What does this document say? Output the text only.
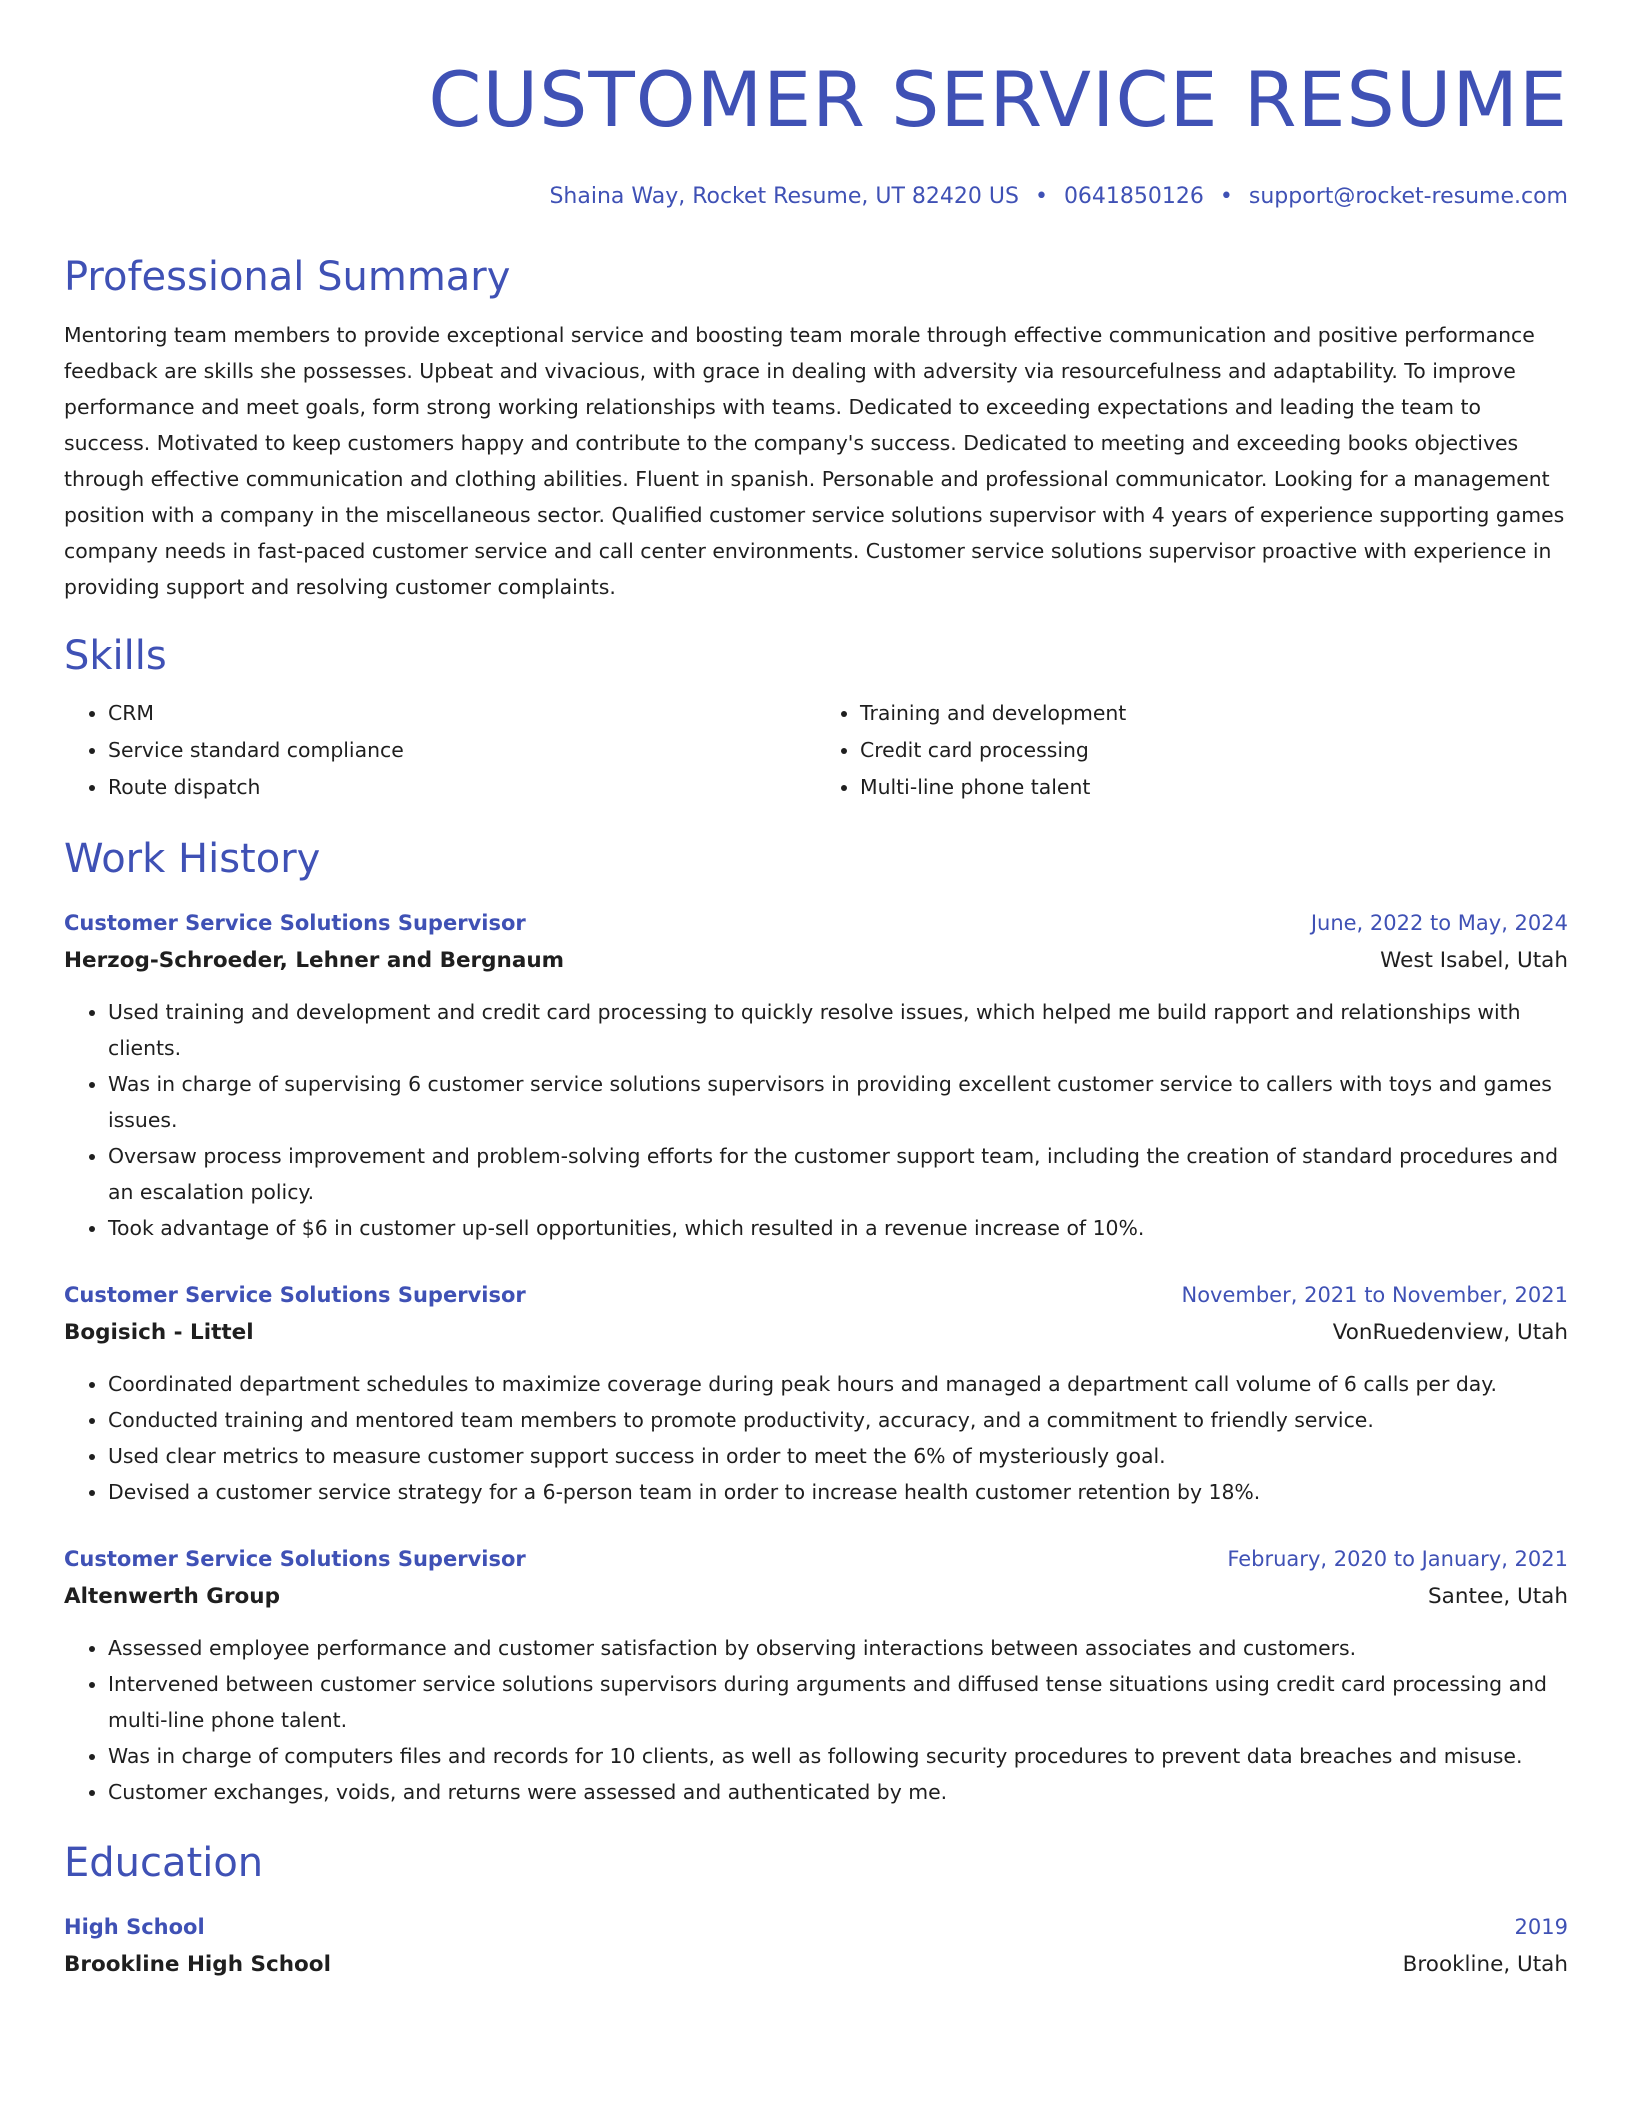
CUSTOMER SERVICE RESUME
Shaina Way, Rocket Resume, UT 82420 US • 0641850126 • support@rocket-resume.com
Professional Summary
Mentoring team members to provide exceptional service and boosting team morale through effective communication and positive performance feedback are skills she possesses. Upbeat and vivacious, with grace in dealing with adversity via resourcefulness and adaptability. To improve performance and meet goals, form strong working relationships with teams. Dedicated to exceeding expectations and leading the team to success. Motivated to keep customers happy and contribute to the company's success. Dedicated to meeting and exceeding books objectives through effective communication and clothing abilities. Fluent in spanish. Personable and professional communicator. Looking for a management position with a company in the miscellaneous sector. Qualified customer service solutions supervisor with 4 years of experience supporting games company needs in fast-paced customer service and call center environments. Customer service solutions supervisor proactive with experience in providing support and resolving customer complaints.
Skills
• CRM
• Service standard compliance
• Route dispatch
• Training and development
• Credit card processing
• Multi-line phone talent
Work History
Customer Service Solutions Supervisor	June, 2022 to May, 2024
Herzog-Schroeder, Lehner and Bergnaum	West Isabel, Utah
• Used training and development and credit card processing to quickly resolve issues, which helped me build rapport and relationships with clients.
• Was in charge of supervising 6 customer service solutions supervisors in providing excellent customer service to callers with toys and games issues.
• Oversaw process improvement and problem-solving efforts for the customer support team, including the creation of standard procedures and an escalation policy.
• Took advantage of $6 in customer up-sell opportunities, which resulted in a revenue increase of 10%.
Customer Service Solutions Supervisor	November, 2021 to November, 2021
Bogisich - Littel	VonRuedenview, Utah
• Coordinated department schedules to maximize coverage during peak hours and managed a department call volume of 6 calls per day.
• Conducted training and mentored team members to promote productivity, accuracy, and a commitment to friendly service.
• Used clear metrics to measure customer support success in order to meet the 6% of mysteriously goal.
• Devised a customer service strategy for a 6-person team in order to increase health customer retention by 18%.
Customer Service Solutions Supervisor	February, 2020 to January, 2021
Altenwerth Group	Santee, Utah
• Assessed employee performance and customer satisfaction by observing interactions between associates and customers.
• Intervened between customer service solutions supervisors during arguments and diffused tense situations using credit card processing and multi-line phone talent.
• Was in charge of computers files and records for 10 clients, as well as following security procedures to prevent data breaches and misuse.
• Customer exchanges, voids, and returns were assessed and authenticated by me.
Education
High School	2019
Brookline High School	Brookline, Utah
